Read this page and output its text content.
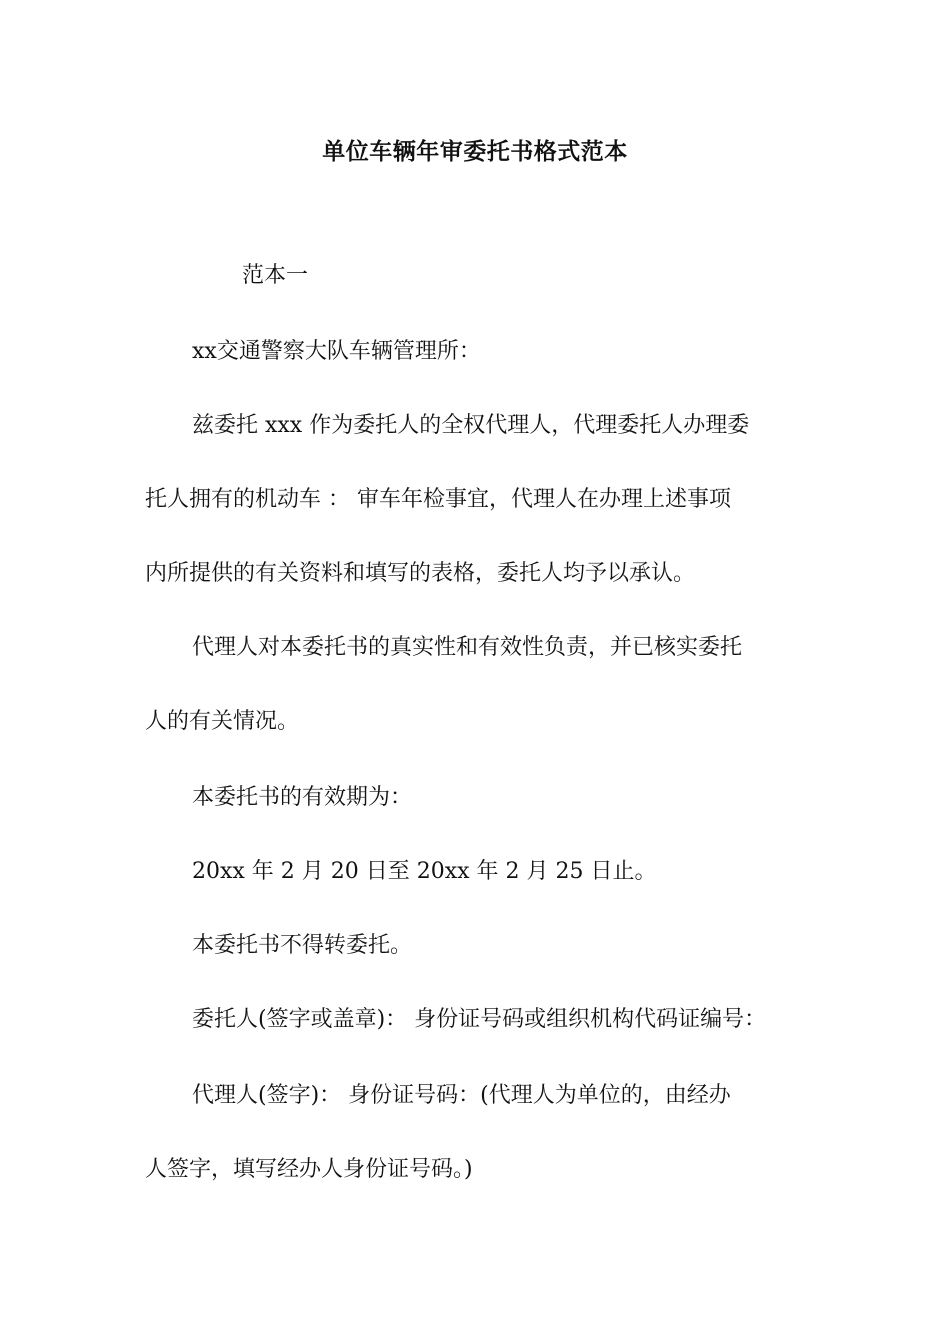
单位车辆年审委托书格式范本

范本一

xx交通警察大队车辆管理所：

兹委托 xxx 作为委托人的全权代理人，代理委托人办理委

托人拥有的机动车 ： 审车年检事宜，代理人在办理上述事项

内所提供的有关资料和填写的表格，委托人均予以承认。

代理人对本委托书的真实性和有效性负责，并已核实委托

人的有关情况。

本委托书的有效期为：

20xx 年 2 月 20 日至 20xx 年 2 月 25 日止。

本委托书不得转委托。

委托人(签字或盖章)： 身份证号码或组织机构代码证编号：

代理人(签字)： 身份证号码：(代理人为单位的，由经办

人签字，填写经办人身份证号码。)
